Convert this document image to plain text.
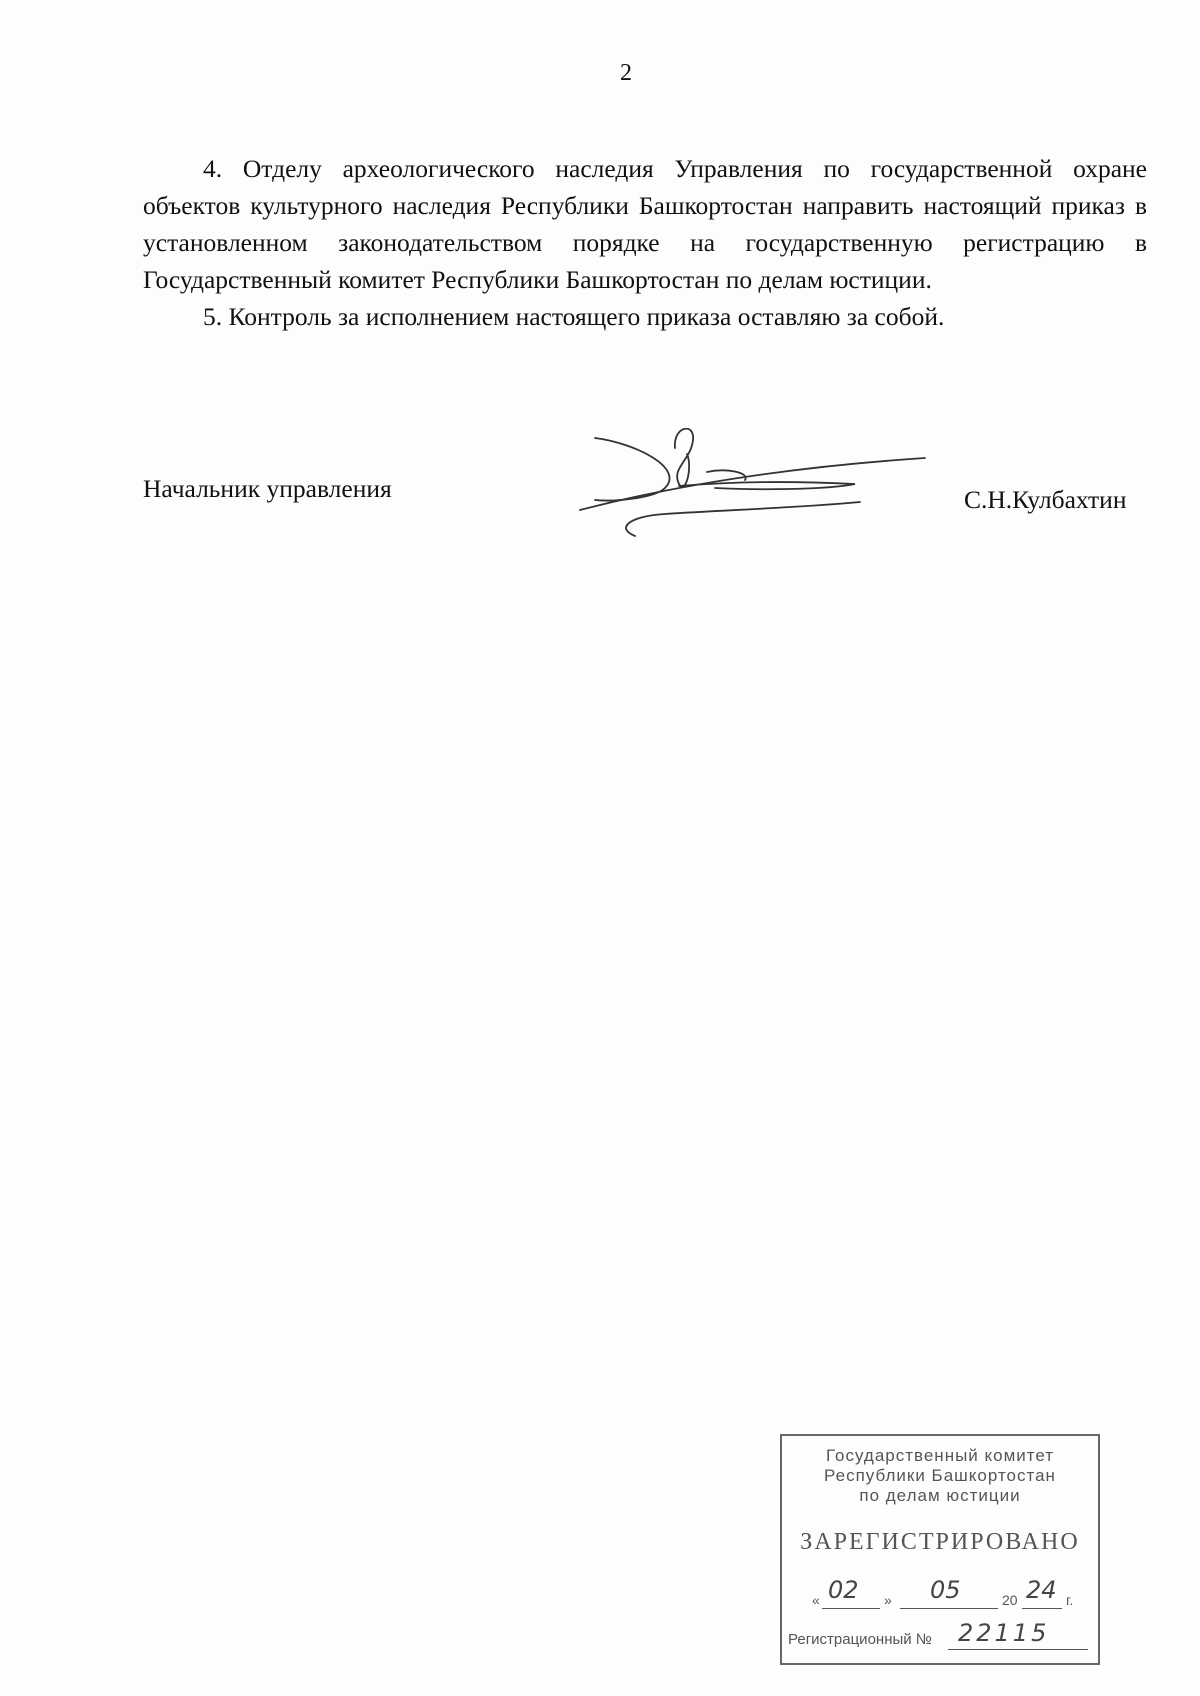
2

4. Отделу археологического наследия Управления по государственной охране объектов культурного наследия Республики Башкортостан направить настоящий приказ в установленном законодательством порядке на государственную регистрацию в Государственный комитет Республики Башкортостан по делам юстиции.

5. Контроль за исполнением настоящего приказа оставляю за собой.

Начальник управления	С.Н.Кулбахтин
Государственный комитет
Республики Башкортостан
по делам юстиции
ЗАРЕГИСТРИРОВАНО
« 02 » 05	20 24 г.
Регистрационный № 22115
